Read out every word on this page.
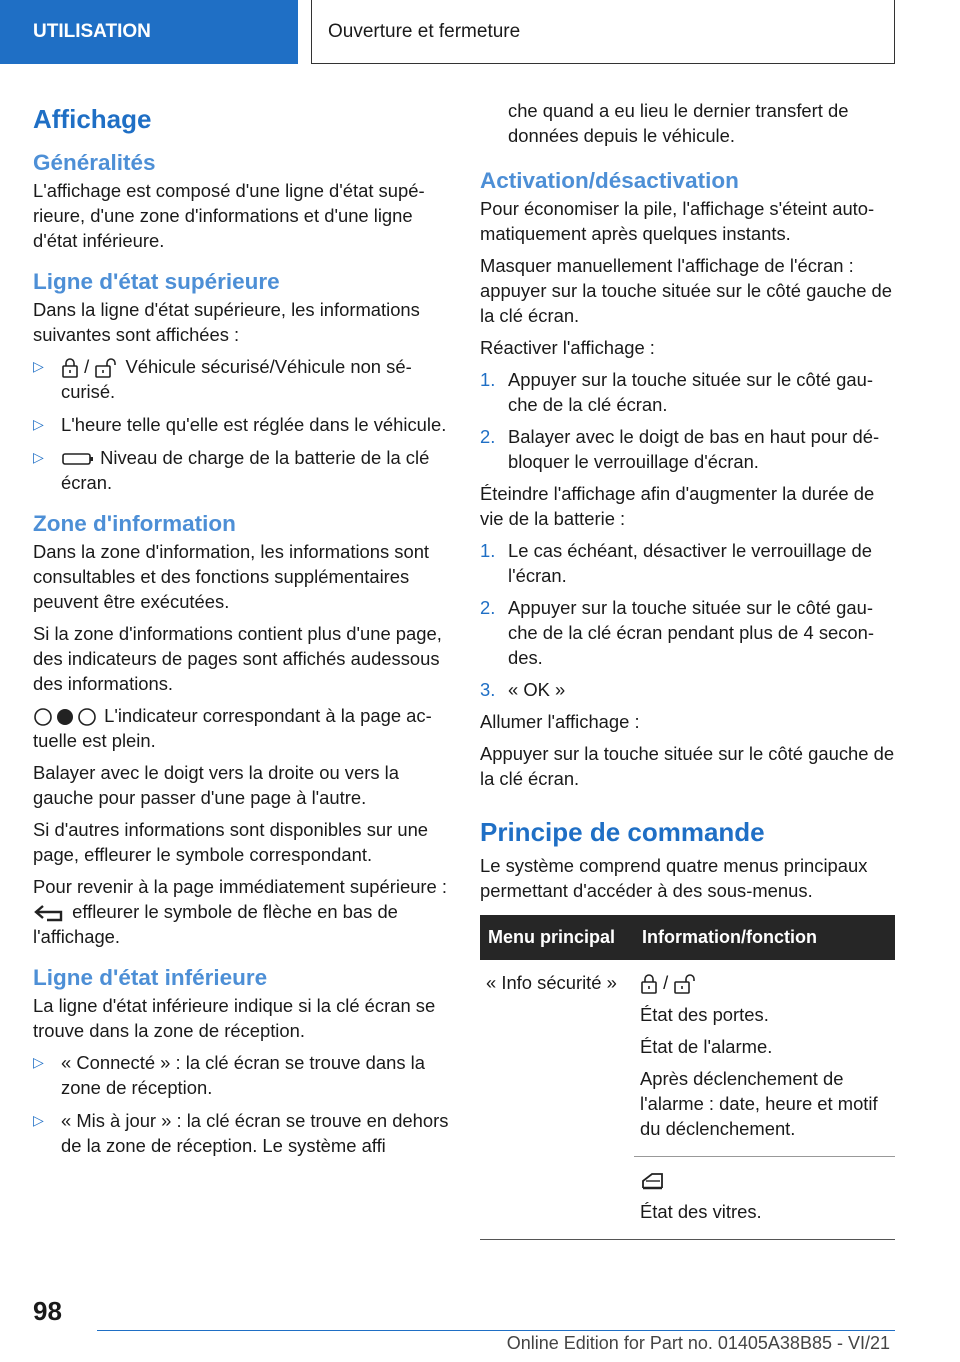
UTILISATION	Ouverture et fermeture
Affichage
Généralités

L'affichage est composé d'une ligne d'état supérieure, d'une zone d'informations et d'une ligne d'état inférieure.

Ligne d'état supérieure

Dans la ligne d'état supérieure, les informations suivantes sont affichées :

▷ /  Véhicule sécurisé/Véhicule non sécurisé.
▷ L'heure telle qu'elle est réglée dans le véhicule.
▷ Niveau de charge de la batterie de la clé écran.
Zone d'information

Dans la zone d'information, les informations sont consultables et des fonctions supplémentaires peuvent être exécutées.

Si la zone d'informations contient plus d'une page, des indicateurs de pages sont affichés audessous des informations.

L'indicateur correspondant à la page actuelle est plein.

Balayer avec le doigt vers la droite ou vers la gauche pour passer d'une page à l'autre.

Si d'autres informations sont disponibles sur une page, effleurer le symbole correspondant.

Pour revenir à la page immédiatement supérieure :  effleurer le symbole de flèche en bas de l'affichage.

Ligne d'état inférieure

La ligne d'état inférieure indique si la clé écran se trouve dans la zone de réception.

▷ « Connecté » : la clé écran se trouve dans la zone de réception.
▷ « Mis à jour » : la clé écran se trouve en dehors de la zone de réception. Le système affi

che quand a eu lieu le dernier transfert de données depuis le véhicule.

Activation/désactivation

Pour économiser la pile, l'affichage s'éteint automatiquement après quelques instants.

Masquer manuellement l'affichage de l'écran : appuyer sur la touche située sur le côté gauche de la clé écran.

Réactiver l'affichage :

1. Appuyer sur la touche située sur le côté gauche de la clé écran.
2. Balayer avec le doigt de bas en haut pour débloquer le verrouillage d'écran.

Éteindre l'affichage afin d'augmenter la durée de vie de la batterie :

1. Le cas échéant, désactiver le verrouillage de l'écran.
2. Appuyer sur la touche située sur le côté gauche de la clé écran pendant plus de 4 secondes.
3. « OK »

Allumer l'affichage :

Appuyer sur la touche située sur le côté gauche de la clé écran.

Principe de commande

Le système comprend quatre menus principaux permettant d'accéder à des sous-menus.

Menu principal	Information/fonction
« Info sécurité »	/

État des portes.

État de l'alarme.

Après déclenchement de l'alarme : date, heure et motif du déclenchement.

	État des vitres.

98
Online Edition for Part no. 01405A38B85 - VI/21
